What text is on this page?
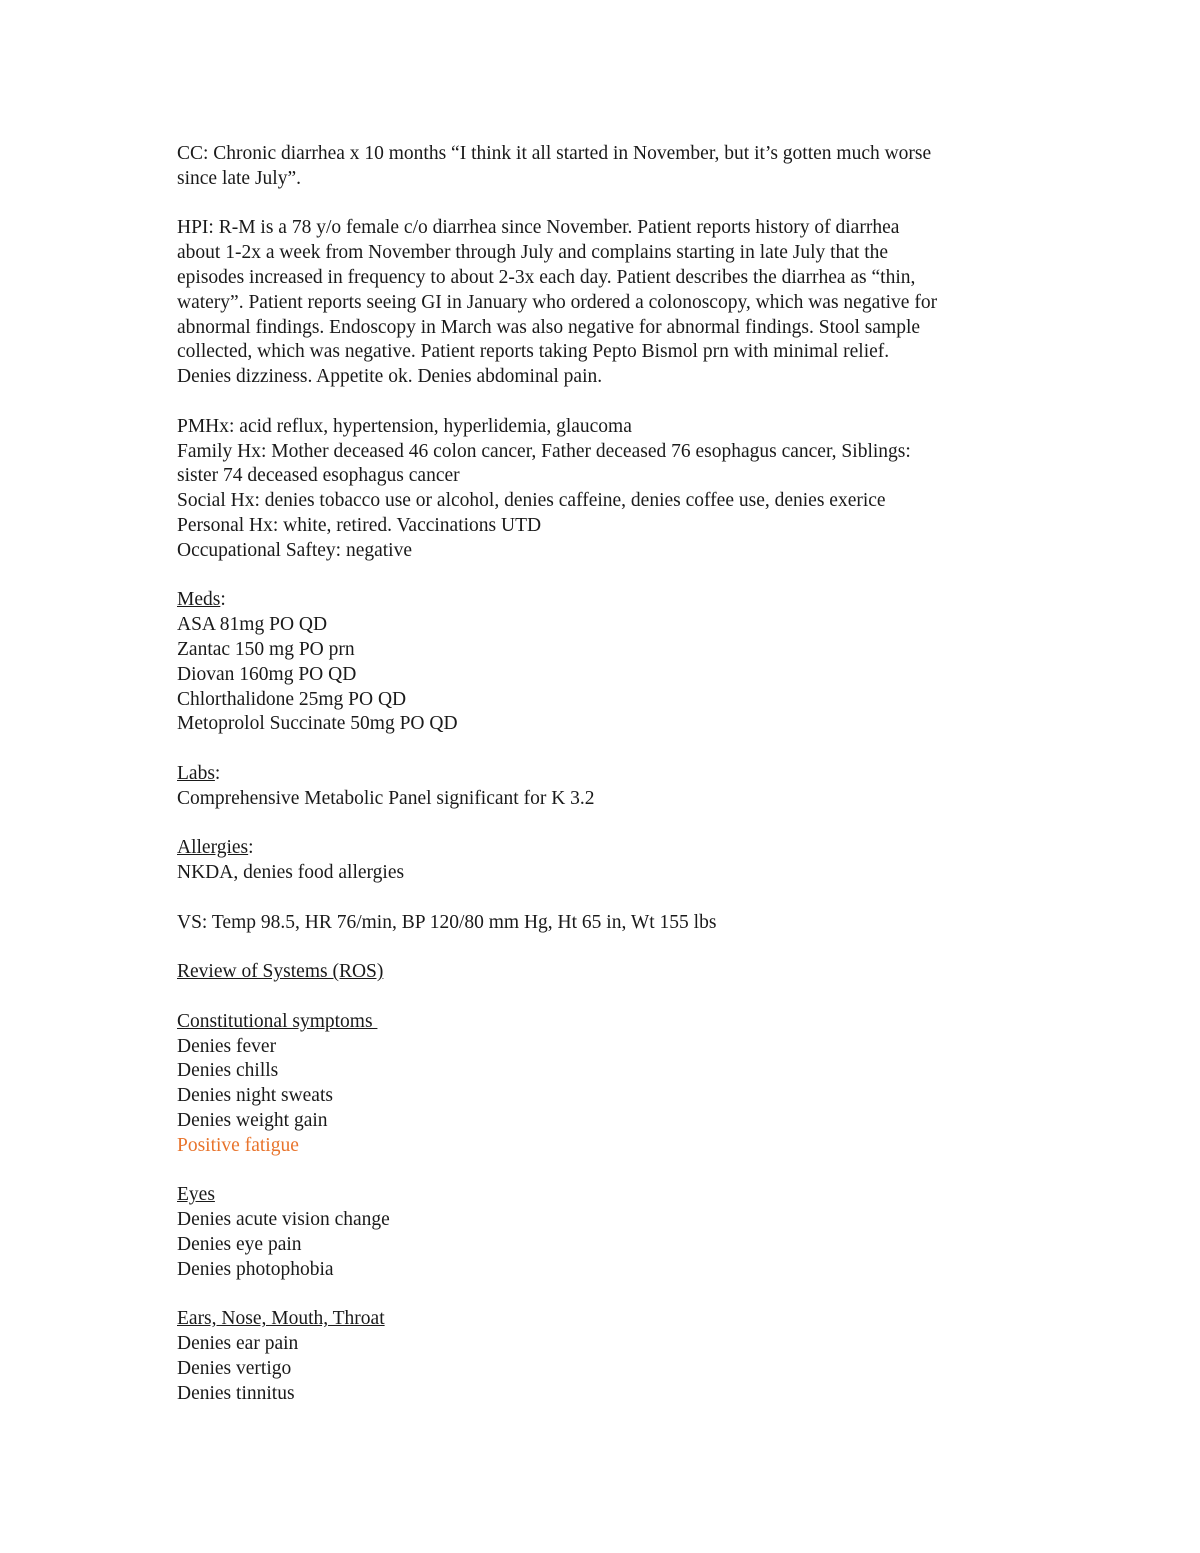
CC: Chronic diarrhea x 10 months “I think it all started in November, but it’s gotten much worse
since late July”.
HPI: R-M is a 78 y/o female c/o diarrhea since November. Patient reports history of diarrhea
about 1-2x a week from November through July and complains starting in late July that the
episodes increased in frequency to about 2-3x each day. Patient describes the diarrhea as “thin,
watery”. Patient reports seeing GI in January who ordered a colonoscopy, which was negative for
abnormal findings. Endoscopy in March was also negative for abnormal findings. Stool sample
collected, which was negative. Patient reports taking Pepto Bismol prn with minimal relief.
Denies dizziness. Appetite ok. Denies abdominal pain.
PMHx: acid reflux, hypertension, hyperlidemia, glaucoma
Family Hx: Mother deceased 46 colon cancer, Father deceased 76 esophagus cancer, Siblings:
sister 74 deceased esophagus cancer
Social Hx: denies tobacco use or alcohol, denies caffeine, denies coffee use, denies exerice
Personal Hx: white, retired. Vaccinations UTD
Occupational Saftey: negative
Meds:
ASA 81mg PO QD
Zantac 150 mg PO prn
Diovan 160mg PO QD
Chlorthalidone 25mg PO QD
Metoprolol Succinate 50mg PO QD
Labs:
Comprehensive Metabolic Panel significant for K 3.2
Allergies:
NKDA, denies food allergies
VS: Temp 98.5, HR 76/min, BP 120/80 mm Hg, Ht 65 in, Wt 155 lbs
Review of Systems (ROS)
Constitutional symptoms
Denies fever
Denies chills
Denies night sweats
Denies weight gain
Positive fatigue
Eyes
Denies acute vision change
Denies eye pain
Denies photophobia
Ears, Nose, Mouth, Throat
Denies ear pain
Denies vertigo
Denies tinnitus
